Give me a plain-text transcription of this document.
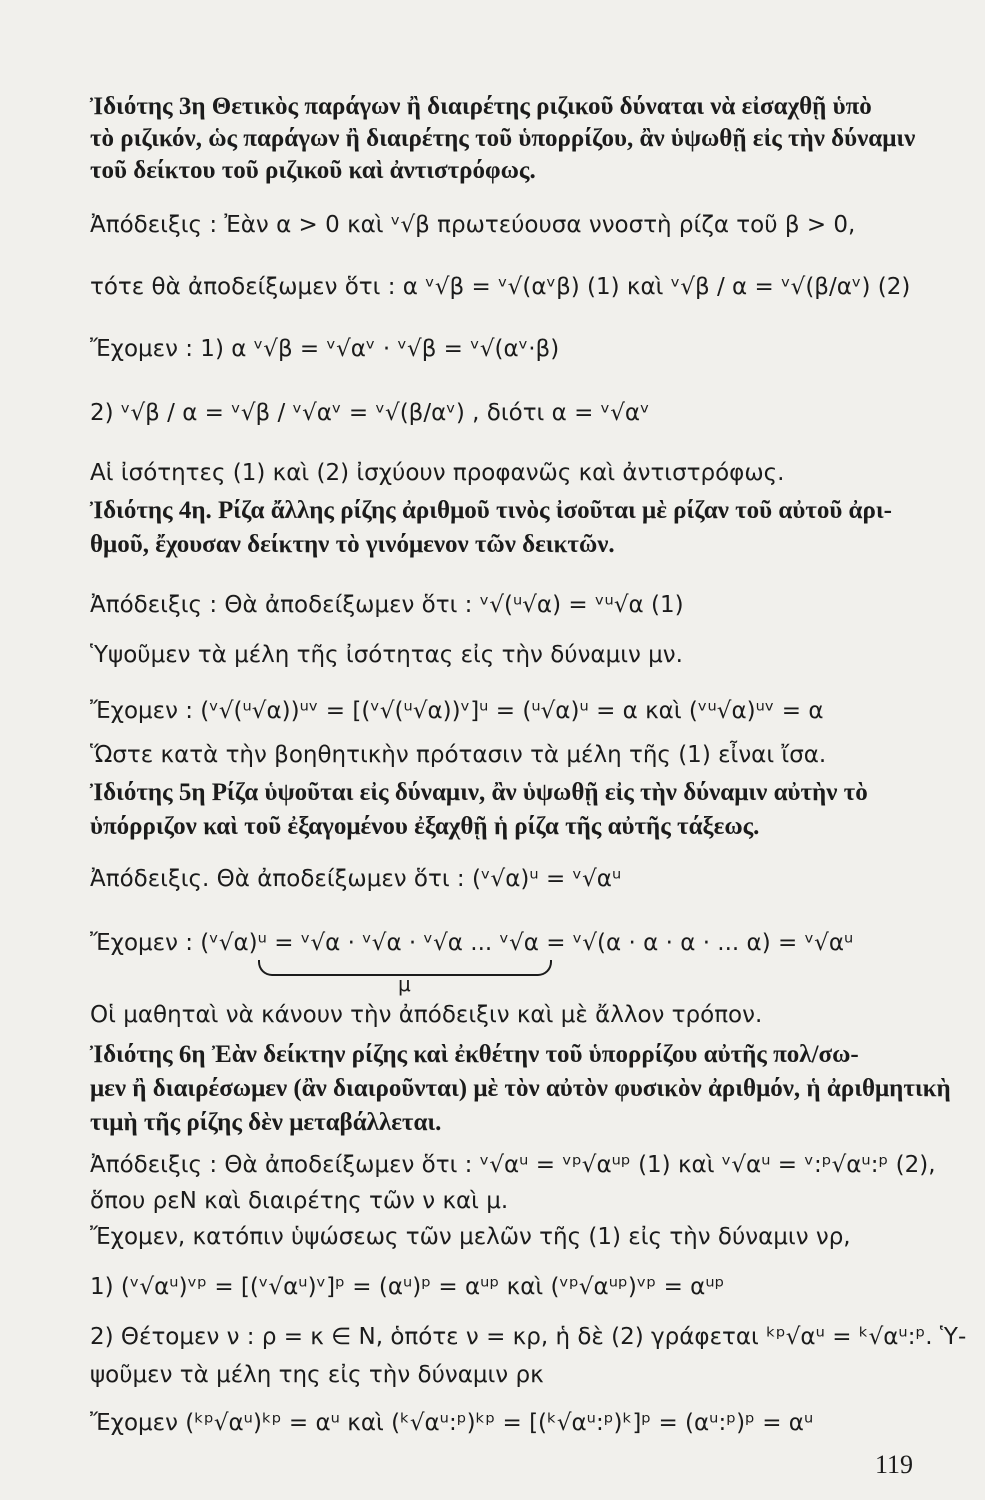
μ
119
Ἰδιότης 3η Θετικὸς παράγων ἢ διαιρέτης ριζικοῦ δύναται νὰ εἰσαχθῇ ὑπὸ
τὸ ριζικόν, ὡς παράγων ἢ διαιρέτης τοῦ ὑπορρίζου, ἂν ὑψωθῇ εἰς τὴν δύναμιν
τοῦ δείκτου τοῦ ριζικοῦ καὶ ἀντιστρόφως.
Ἀπόδειξις : Ἐὰν α > 0 καὶ ᵛ√β πρωτεύουσα ννοστὴ ρίζα τοῦ β > 0,
τότε θὰ ἀποδείξωμεν ὅτι : α ᵛ√β = ᵛ√(αᵛβ) (1) καὶ ᵛ√β / α = ᵛ√(β/αᵛ) (2)
Ἔχομεν : 1) α ᵛ√β = ᵛ√αᵛ · ᵛ√β = ᵛ√(αᵛ·β)
2) ᵛ√β / α = ᵛ√β / ᵛ√αᵛ = ᵛ√(β/αᵛ) , διότι α = ᵛ√αᵛ
Αἱ ἰσότητες (1) καὶ (2) ἰσχύουν προφανῶς καὶ ἀντιστρόφως.
Ἰδιότης 4η. Ρίζα ἄλλης ρίζης ἀριθμοῦ τινὸς ἰσοῦται μὲ ρίζαν τοῦ αὐτοῦ ἀρι-
θμοῦ, ἔχουσαν δείκτην τὸ γινόμενον τῶν δεικτῶν.
Ἀπόδειξις : Θὰ ἀποδείξωμεν ὅτι : ᵛ√(ᵘ√α) = ᵛᵘ√α (1)
Ὑψοῦμεν τὰ μέλη τῆς ἰσότητας εἰς τὴν δύναμιν μν.
Ἔχομεν : (ᵛ√(ᵘ√α))ᵘᵛ = [(ᵛ√(ᵘ√α))ᵛ]ᵘ = (ᵘ√α)ᵘ = α καὶ (ᵛᵘ√α)ᵘᵛ = α
Ὥστε κατὰ τὴν βοηθητικὴν πρότασιν τὰ μέλη τῆς (1) εἶναι ἴσα.
Ἰδιότης 5η Ρίζα ὑψοῦται εἰς δύναμιν, ἂν ὑψωθῇ εἰς τὴν δύναμιν αὐτὴν τὸ
ὑπόρριζον καὶ τοῦ ἐξαγομένου ἐξαχθῇ ἡ ρίζα τῆς αὐτῆς τάξεως.
Ἀπόδειξις. Θὰ ἀποδείξωμεν ὅτι : (ᵛ√α)ᵘ = ᵛ√αᵘ
Ἔχομεν : (ᵛ√α)ᵘ = ᵛ√α · ᵛ√α · ᵛ√α ... ᵛ√α = ᵛ√(α · α · α · ... α) = ᵛ√αᵘ
Οἱ μαθηταὶ νὰ κάνουν τὴν ἀπόδειξιν καὶ μὲ ἄλλον τρόπον.
Ἰδιότης 6η Ἐὰν δείκτην ρίζης καὶ ἐκθέτην τοῦ ὑπορρίζου αὐτῆς πολ/σω-
μεν ἢ διαιρέσωμεν (ἂν διαιροῦνται) μὲ τὸν αὐτὸν φυσικὸν ἀριθμόν, ἡ ἀριθμητικὴ
τιμὴ τῆς ρίζης δὲν μεταβάλλεται.
Ἀπόδειξις : Θὰ ἀποδείξωμεν ὅτι : ᵛ√αᵘ = ᵛᵖ√αᵘᵖ (1) καὶ ᵛ√αᵘ = ᵛ:ᵖ√αᵘ:ᵖ (2),
ὅπου ρεΝ καὶ διαιρέτης τῶν ν καὶ μ.
Ἔχομεν, κατόπιν ὑψώσεως τῶν μελῶν τῆς (1) εἰς τὴν δύναμιν νρ,
1) (ᵛ√αᵘ)ᵛᵖ = [(ᵛ√αᵘ)ᵛ]ᵖ = (αᵘ)ᵖ = αᵘᵖ καὶ (ᵛᵖ√αᵘᵖ)ᵛᵖ = αᵘᵖ
2) Θέτομεν ν : ρ = κ ∈ Ν, ὁπότε ν = κρ, ἡ δὲ (2) γράφεται ᵏᵖ√αᵘ = ᵏ√αᵘ:ᵖ. Ὑ-
ψοῦμεν τὰ μέλη της εἰς τὴν δύναμιν ρκ
Ἔχομεν (ᵏᵖ√αᵘ)ᵏᵖ = αᵘ καὶ (ᵏ√αᵘ:ᵖ)ᵏᵖ = [(ᵏ√αᵘ:ᵖ)ᵏ]ᵖ = (αᵘ:ᵖ)ᵖ = αᵘ
